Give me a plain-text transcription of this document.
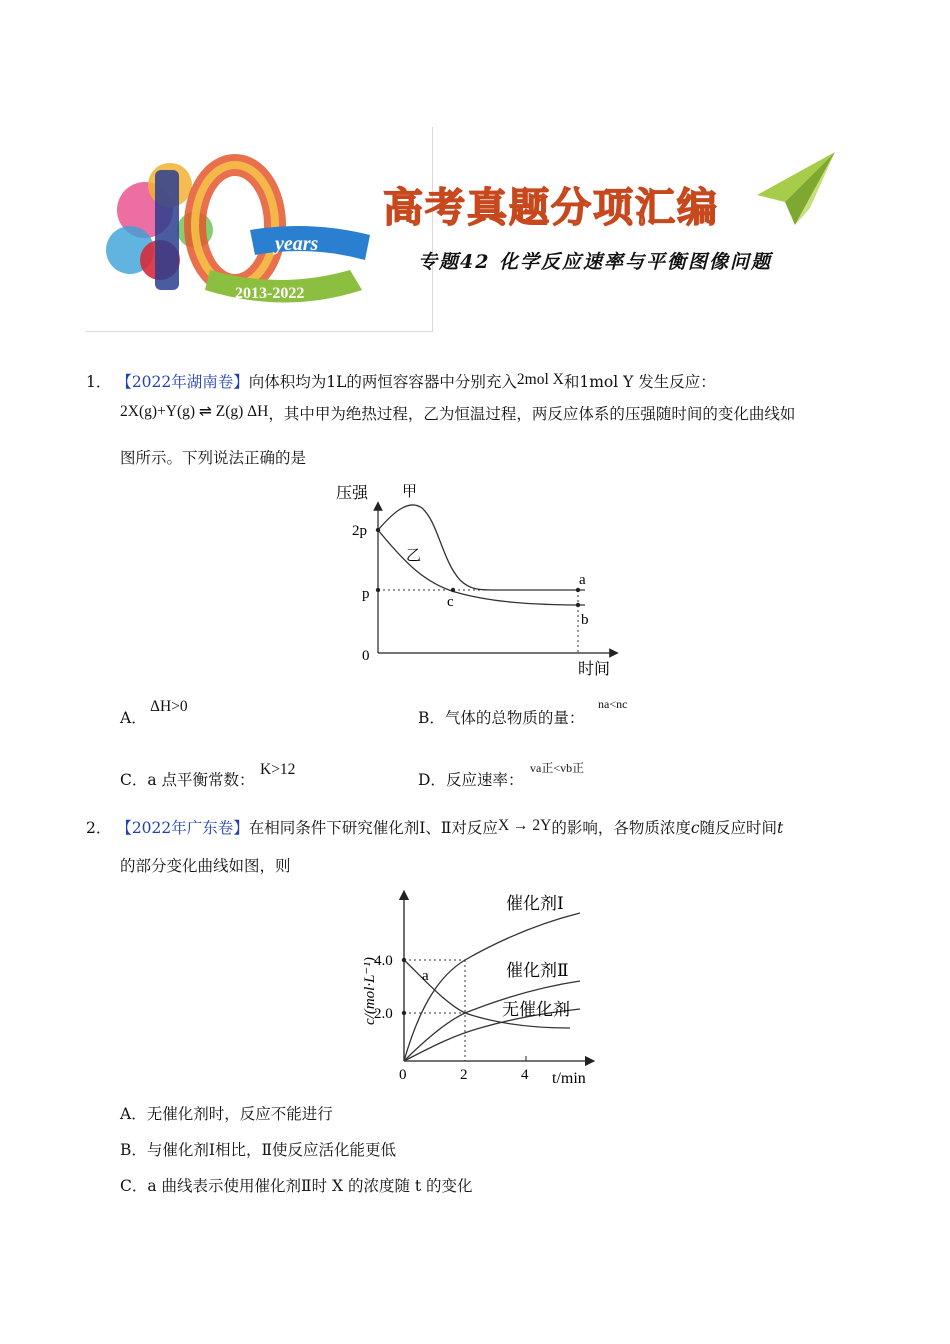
years
2013-2022
高考真题分项汇编
专题42 化学反应速率与平衡图像问题
1． 【2022年湖南卷】向体积均为1L的两恒容容器中分别充入2mol X和1mol Y 发生反应：
2X(g)+Y(g) ⇌ Z(g) ΔH，其中甲为绝热过程，乙为恒温过程，两反应体系的压强随时间的变化曲线如
图所示。下列说法正确的是
压强 甲
乙
2p
p
0
时间
a
b
c
A．
ΔH>0
B．气体的总物质的量：
na<nc
C．a 点平衡常数：
K>12
D．反应速率：
va正<vb正
2． 【2022年广东卷】在相同条件下研究催化剂Ⅰ、Ⅱ对反应X → 2Y的影响，各物质浓度c随反应时间t
的部分变化曲线如图，则
c/(mol·L⁻¹)
4.0
2.0
0	2	4 t/min
催化剂Ⅰ
催化剂Ⅱ
无催化剂
a
A．无催化剂时，反应不能进行
B．与催化剂Ⅰ相比，Ⅱ使反应活化能更低
C．a 曲线表示使用催化剂Ⅱ时 X 的浓度随 t 的变化
